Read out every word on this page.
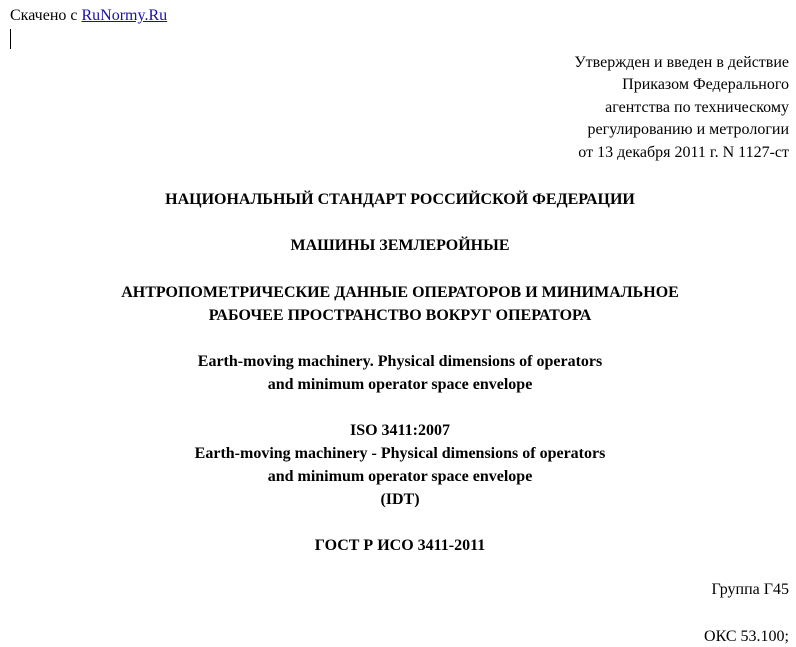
Скачено с RuNormy.Ru
Утвержден и введен в действие
Приказом Федерального
агентства по техническому
регулированию и метрологии
от 13 декабря 2011 г. N 1127-ст
НАЦИОНАЛЬНЫЙ СТАНДАРТ РОССИЙСКОЙ ФЕДЕРАЦИИ
МАШИНЫ ЗЕМЛЕРОЙНЫЕ
АНТРОПОМЕТРИЧЕСКИЕ ДАННЫЕ ОПЕРАТОРОВ И МИНИМАЛЬНОЕ
РАБОЧЕЕ ПРОСТРАНСТВО ВОКРУГ ОПЕРАТОРА
Earth-moving machinery. Physical dimensions of operators
and minimum operator space envelope
ISO 3411:2007
Earth-moving machinery - Physical dimensions of operators
and minimum operator space envelope
(IDT)
ГОСТ Р ИСО 3411-2011
Группа Г45
ОКС 53.100;
